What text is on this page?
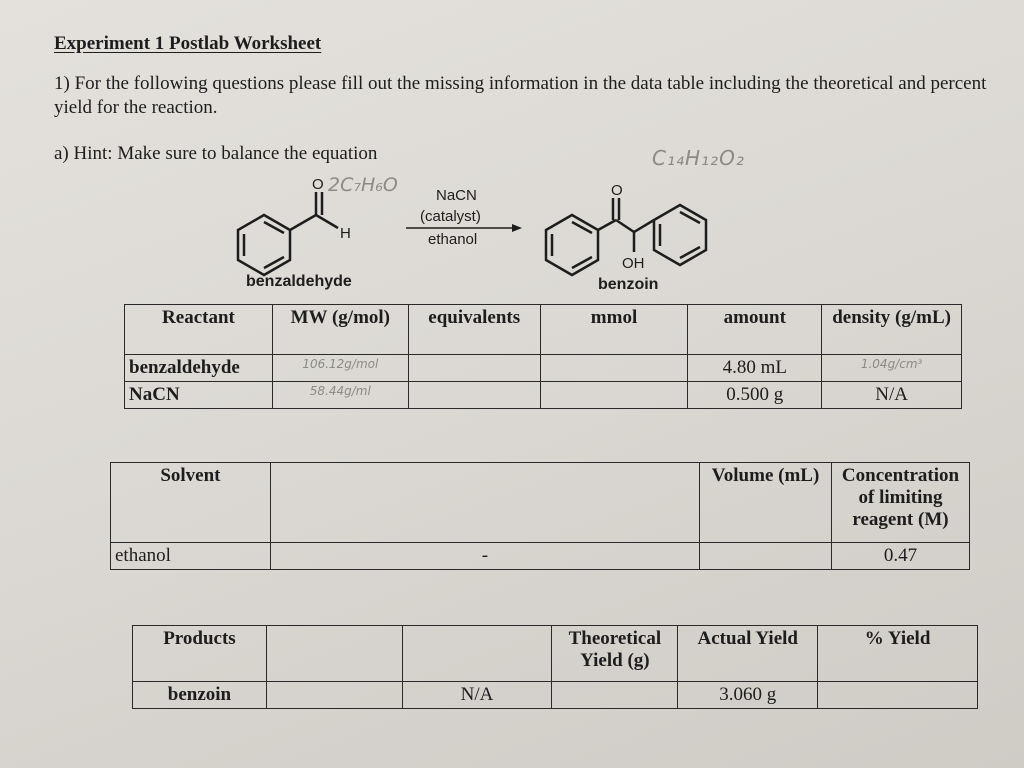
Experiment 1 Postlab Worksheet
1) For the following questions please fill out the missing information in the data table including the theoretical and percent yield for the reaction.
a) Hint: Make sure to balance the equation
2C₇H₆O
C₁₄H₁₂O₂
O
H
benzaldehyde
NaCN
(catalyst)
ethanol
O
OH
benzoin
Reactant	MW (g/mol)	equivalents	mmol	amount	density (g/mL)
benzaldehyde	106.12g/mol			4.80 mL	1.04g/cm³
NaCN	58.44g/ml			0.500 g	N/A
Solvent		Volume (mL)	Concentration of limiting reagent (M)
ethanol	-		0.47
Products			Theoretical Yield (g)	Actual Yield	% Yield
benzoin		N/A		3.060 g	
